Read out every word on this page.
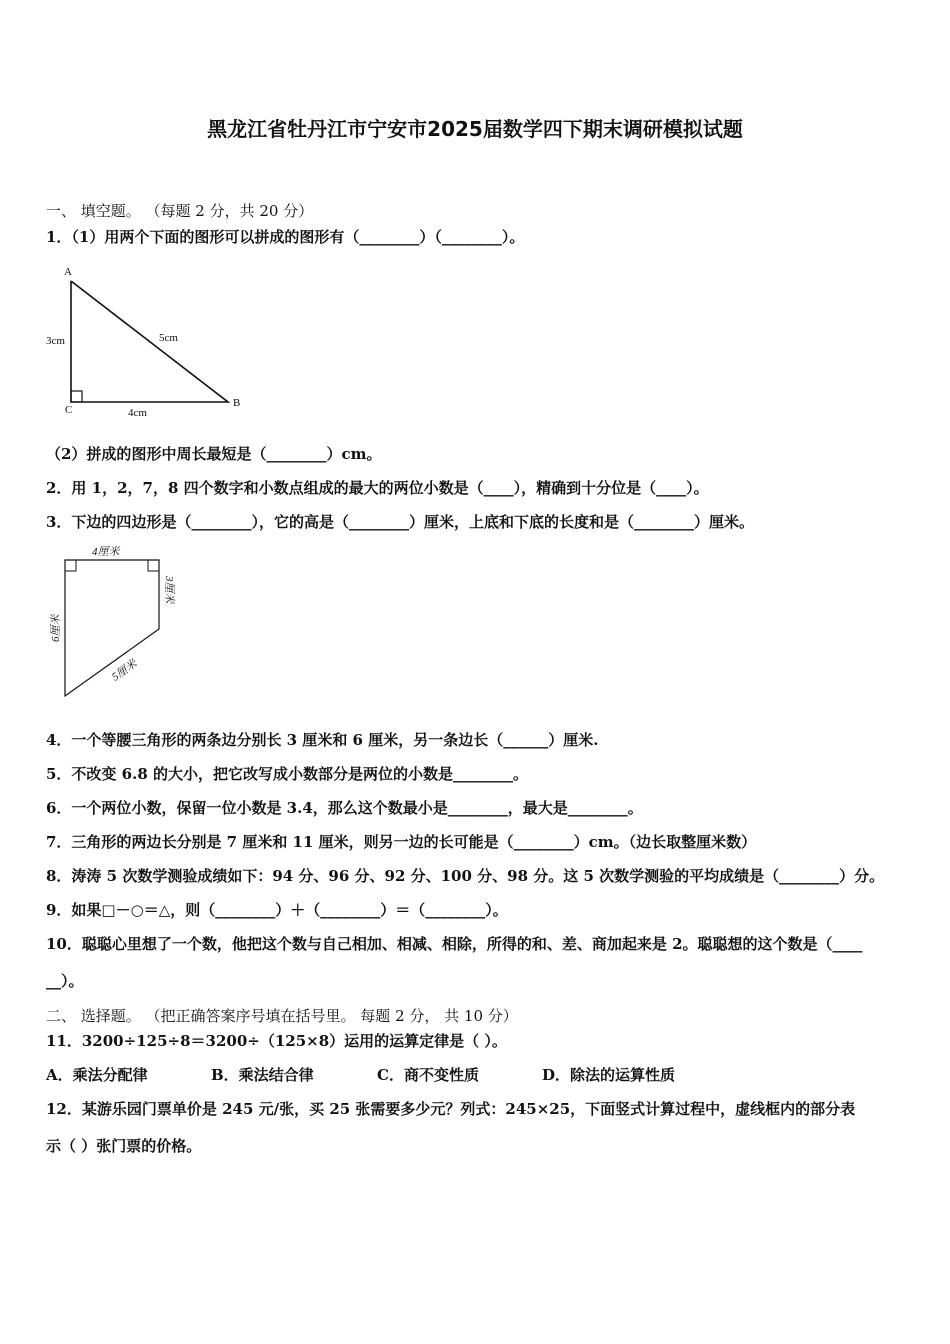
黑龙江省牡丹江市宁安市2025届数学四下期末调研模拟试题
一、 填空题。 （每题 2 分，共 20 分）
1．（1）用两个下面的图形可以拼成的图形有（________）（________）。
A
B
C
3cm	5cm
4cm
（2）拼成的图形中周长最短是（________）cm。
2．用 1，2，7，8 四个数字和小数点组成的最大的两位小数是（____），精确到十分位是（____）。
3．下边的四边形是（________），它的高是（________）厘米，上底和下底的长度和是（________）厘米。
4厘米
3厘米
6厘米
5厘米
4．一个等腰三角形的两条边分别长 3 厘米和 6 厘米，另一条边长（______）厘米.
5．不改变 6.8 的大小，把它改写成小数部分是两位的小数是________。
6．一个两位小数，保留一位小数是 3.4，那么这个数最小是________，最大是________。
7．三角形的两边长分别是 7 厘米和 11 厘米，则另一边的长可能是（________）cm。（边长取整厘米数）
8．涛涛 5 次数学测验成绩如下：94 分、96 分、92 分、100 分、98 分。这 5 次数学测验的平均成绩是（________）分。
9．如果□－○＝△，则（________）＋（________）＝（________）。
10．聪聪心里想了一个数，他把这个数与自己相加、相减、相除，所得的和、差、商加起来是 2。聪聪想的这个数是（____
__）。
二、 选择题。 （把正确答案序号填在括号里。 每题 2 分， 共 10 分）
11．3200÷125÷8＝3200÷（125×8）运用的运算定律是（ ）。
A．乘法分配律	B．乘法结合律	C．商不变性质	D．除法的运算性质
12．某游乐园门票单价是 245 元/张，买 25 张需要多少元？列式：245×25，下面竖式计算过程中，虚线框内的部分表
示（ ）张门票的价格。
